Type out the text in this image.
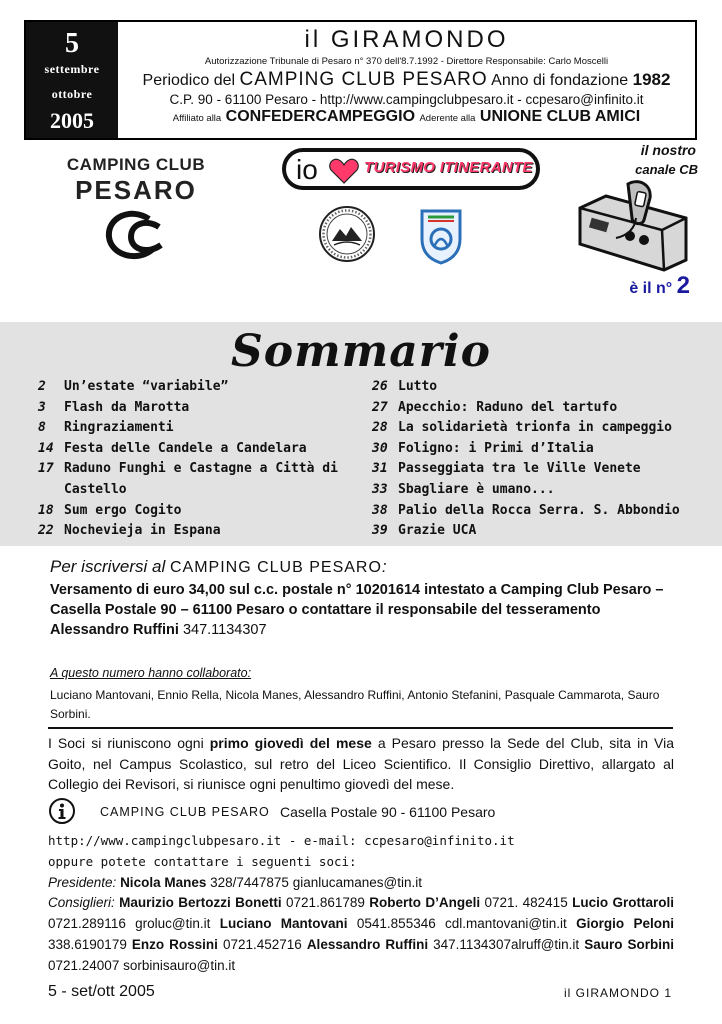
5
settembre
ottobre
2005
il GIRAMONDO
Autorizzazione Tribunale di Pesaro n° 370 dell'8.7.1992 - Direttore Responsabile: Carlo Moscelli
Periodico del CAMPING CLUB PESARO Anno di fondazione 1982
C.P. 90 - 61100 Pesaro - http://www.campingclubpesaro.it - ccpesaro@infinito.it
Affiliato alla CONFEDERCAMPEGGIO Aderente alla UNIONE CLUB AMICI
CAMPING CLUB
PESARO
io	TURISMO ITINERANTE
il nostro
canale CB
è il n° 2
Sommario
2	Un’estate “variabile”
3	Flash da Marotta
8	Ringraziamenti
14 Festa delle Candele a Candelara
17 Raduno Funghi e Castagne a Città di Castello
18 Sum ergo Cogito
22 Nochevieja in Espana
26 Lutto
27 Apecchio: Raduno del tartufo
28 La solidarietà trionfa in campeggio
30 Foligno: i Primi d’Italia
31 Passeggiata tra le Ville Venete
33 Sbagliare è umano...
38 Palio della Rocca Serra. S. Abbondio
39 Grazie UCA
Per iscriversi al CAMPING CLUB PESARO:
Versamento di euro 34,00 sul c.c. postale n° 10201614 intestato a Camping Club Pesaro – Casella Postale 90 – 61100 Pesaro o contattare il responsabile del tesseramento Alessandro Ruffini 347.1134307
A questo numero hanno collaborato:
Luciano Mantovani, Ennio Rella, Nicola Manes, Alessandro Ruffini, Antonio Stefanini, Pasquale Cammarota, Sauro Sorbini.
I Soci si riuniscono ogni primo giovedì del mese a Pesaro presso la Sede del Club, sita in Via Goito, nel Campus Scolastico, sul retro del Liceo Scientifico. Il Consiglio Direttivo, allargato al Collegio dei Revisori, si riunisce ogni penultimo giovedì del mese.
CAMPING CLUB PESARO Casella Postale 90 - 61100 Pesaro
http://www.campingclubpesaro.it - e-mail: ccpesaro@infinito.it
oppure potete contattare i seguenti soci:
Presidente: Nicola Manes 328/7447875 gianlucamanes@tin.it
Consiglieri: Maurizio Bertozzi Bonetti 0721.861789 Roberto D’Angeli 0721. 482415 Lucio Grottaroli 0721.289116 groluc@tin.it Luciano Mantovani 0541.855346 cdl.mantovani@tin.it Giorgio Peloni 338.6190179 Enzo Rossini 0721.452716 Alessandro Ruffini 347.1134307alruff@tin.it Sauro Sorbini 0721.24007 sorbinisauro@tin.it
5 - set/ott 2005	il GIRAMONDO 1
